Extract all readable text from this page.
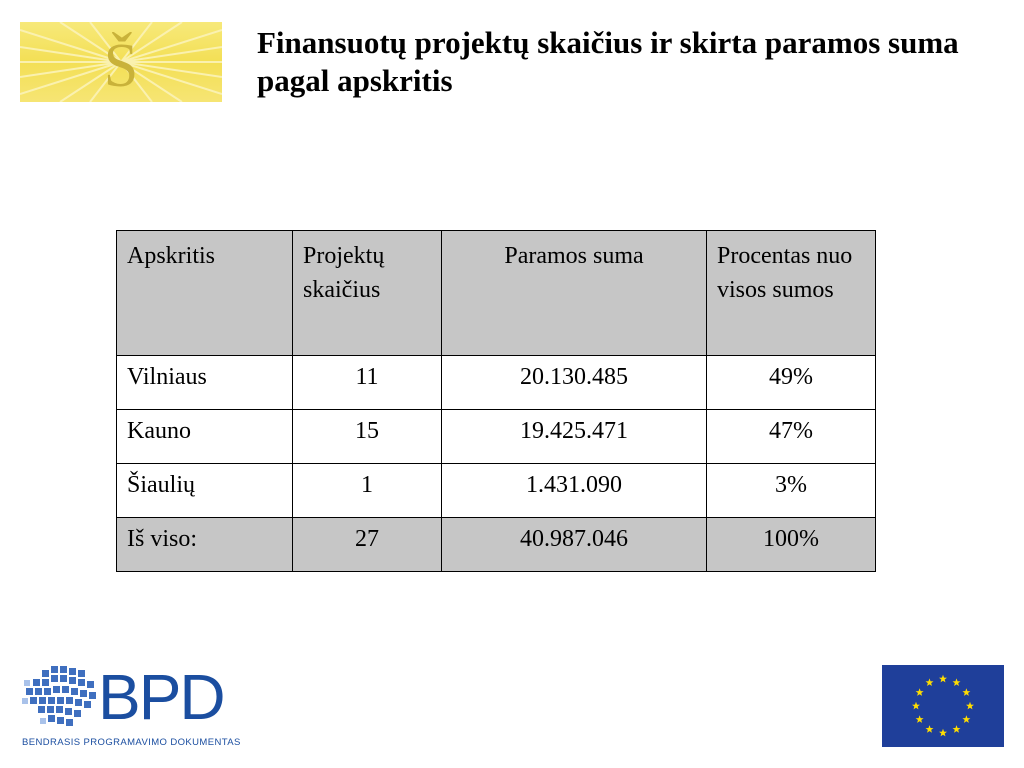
Š	Finansuotų projektų skaičius ir skirta paramos suma pagal apskritis
Apskritis	Projektų skaičius	Paramos suma	Procentas nuo visos sumos
Vilniaus	11	20.130.485	49%
Kauno	15	19.425.471	47%
Šiaulių	1	1.431.090	3%
Iš viso:	27	40.987.046	100%
BPD
BENDRASIS PROGRAMAVIMO DOKUMENTAS
